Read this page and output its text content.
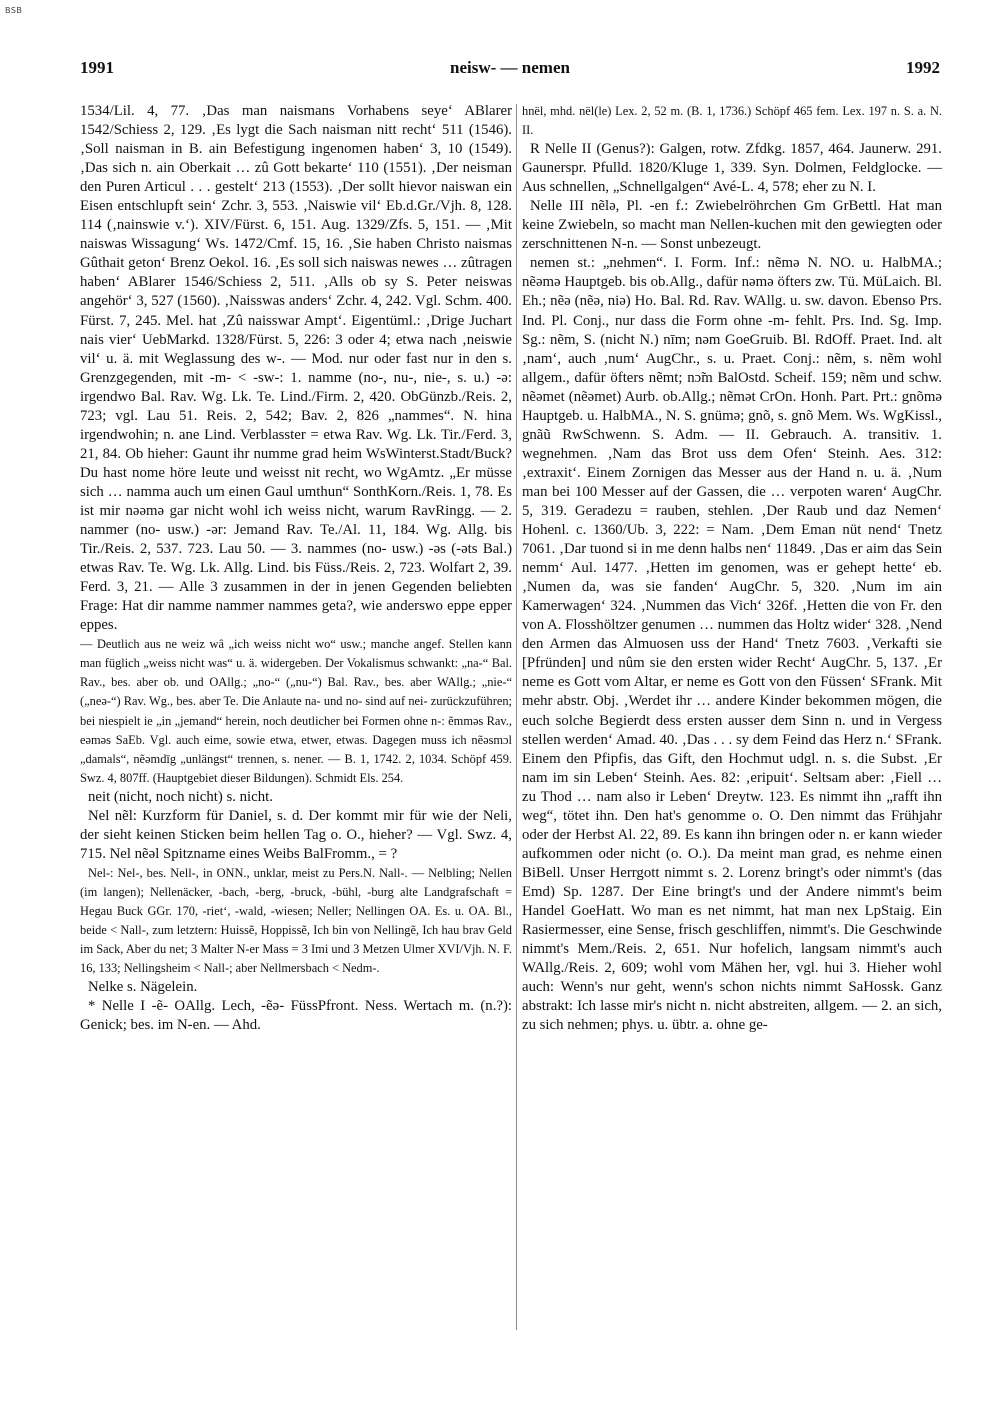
BSB
1991	neisw- — nemen	1992

1534/Lil. 4, 77. ‚Das man naismans Vorhabens seye‘ ABlarer 1542/Schiess 2, 129. ‚Es lygt die Sach naisman nitt recht‘ 511 (1546). ‚Soll naisman in B. ain Befestigung ingenomen haben‘ 3, 10 (1549). ‚Das sich n. ain Oberkait … zû Gott bekarte‘ 110 (1551). ‚Der neisman den Puren Articul . . . gestelt‘ 213 (1553). ‚Der sollt hievor naiswan ein Eisen entschlupft sein‘ Zchr. 3, 553. ‚Naiswie vil‘ Eb.d.Gr./Vjh. 8, 128. 114 (‚nainswie v.‘). XIV/Fürst. 6, 151. Aug. 1329/Zfs. 5, 151. — ‚Mit naiswas Wissagung‘ Ws. 1472/Cmf. 15, 16. ‚Sie haben Christo naismas Gûthait geton‘ Brenz Oekol. 16. ‚Es soll sich naiswas newes … zûtragen haben‘ ABlarer 1546/Schiess 2, 511. ‚Alls ob sy S. Peter neiswas angehör‘ 3, 527 (1560). ‚Naisswas anders‘ Zchr. 4, 242. Vgl. Schm. 400. Fürst. 7, 245. Mel. hat ‚Zû naisswar Ampt‘. Eigentüml.: ‚Drige Juchart nais vier‘ UebMarkd. 1328/Fürst. 5, 226: 3 oder 4; etwa nach ‚neiswie vil‘ u. ä. mit Weglassung des w-. — Mod. nur oder fast nur in den s. Grenzgegenden, mit -m- < -sw-: 1. namme (no-, nu-, nie-, s. u.) -ə: irgendwo Bal. Rav. Wg. Lk. Te. Lind./Firm. 2, 420. ObGünzb./Reis. 2, 723; vgl. Lau 51. Reis. 2, 542; Bav. 2, 826 „nammes“. N. hina irgendwohin; n. ane Lind. Verblasster = etwa Rav. Wg. Lk. Tir./Ferd. 3, 21, 84. Ob hieher: Gaunt ihr numme grad heim WsWinterst.Stadt/Buck? Du hast nome höre leute und weisst nit recht, wo WgAmtz. „Er müsse sich … namma auch um einen Gaul umthun“ SonthKorn./Reis. 1, 78. Es ist mir nəəmə gar nicht wohl ich weiss nicht, warum RavRingg. — 2. nammer (no- usw.) -ər: Jemand Rav. Te./Al. 11, 184. Wg. Allg. bis Tir./Reis. 2, 537. 723. Lau 50. — 3. nammes (no- usw.) -əs (-əts Bal.) etwas Rav. Te. Wg. Lk. Allg. Lind. bis Füss./Reis. 2, 723. Wolfart 2, 39. Ferd. 3, 21. — Alle 3 zusammen in der in jenen Gegenden beliebten Frage: Hat dir namme nammer nammes geta?, wie anderswo eppe epper eppes.

— Deutlich aus ne weiz wâ „ich weiss nicht wo“ usw.; manche angef. Stellen kann man füglich „weiss nicht was“ u. ä. widergeben. Der Vokalismus schwankt: „na-“ Bal. Rav., bes. aber ob. und OAllg.; „no-“ („nu-“) Bal. Rav., bes. aber WAllg.; „nie-“ („neə-“) Rav. Wg., bes. aber Te. Die Anlaute na- und no- sind auf nei- zurückzuführen; bei niespielt ie „in „jemand“ herein, noch deutlicher bei Formen ohne n-: ẽmməs Rav., eəməs SaEb. Vgl. auch eime, sowie etwa, etwer, etwas. Dagegen muss ich nẽəsmɔl „damals“, nẽəmdīg „unlängst“ trennen, s. nener. — B. 1, 1742. 2, 1034. Schöpf 459. Swz. 4, 807ff. (Hauptgebiet dieser Bildungen). Schmidt Els. 254.

neit (nicht, noch nicht) s. nicht.

Nel nẽl: Kurzform für Daniel, s. d. Der kommt mir für wie der Neli, der sieht keinen Sticken beim hellen Tag o. O., hieher? — Vgl. Swz. 4, 715. Nel nẽəl Spitzname eines Weibs BalFromm., = ?

Nel-: Nel-, bes. Nell-, in ONN., unklar, meist zu Pers.N. Nall-. — Nelbling; Nellen (im langen); Nellenäcker, -bach, -berg, -bruck, -bühl, -burg alte Landgrafschaft = Hegau Buck GGr. 170, -riet‘, -wald, -wiesen; Neller; Nellingen OA. Es. u. OA. Bl., beide < Nall-, zum letztern: Huissẽ, Hoppissẽ, Ich bin von Nellingẽ, Ich hau brav Geld im Sack, Aber du net; 3 Malter N-er Mass = 3 Imi und 3 Metzen Ulmer XVI/Vjh. N. F. 16, 133; Nellingsheim < Nall-; aber Nellmersbach < Nedm-.

Nelke s. Nägelein.

* Nelle I -ẽ- OAllg. Lech, -ẽə- FüssPfront. Ness. Wertach m. (n.?): Genick; bes. im N-en. — Ahd.

hnël, mhd. nël(le) Lex. 2, 52 m. (B. 1, 1736.) Schöpf 465 fem. Lex. 197 n. S. a. N. II.

R Nelle II (Genus?): Galgen, rotw. Zfdkg. 1857, 464. Jaunerw. 291. Gaunerspr. Pfulld. 1820/Kluge 1, 339. Syn. Dolmen, Feldglocke. — Aus schnellen, „Schnellgalgen“ Avé-L. 4, 578; eher zu N. I.

Nelle III nẽlə, Pl. -en f.: Zwiebelröhrchen Gm GrBettl. Hat man keine Zwiebeln, so macht man Nellen-kuchen mit den gewiegten oder zerschnittenen N-n. — Sonst unbezeugt.

nemen st.: „nehmen“. I. Form. Inf.: nẽmə N. NO. u. HalbMA.; nẽəmə Hauptgeb. bis ob.Allg., dafür nəmə öfters zw. Tü. MüLaich. Bl. Eh.; nẽə (nẽə, niə) Ho. Bal. Rd. Rav. WAllg. u. sw. davon. Ebenso Prs. Ind. Pl. Conj., nur dass die Form ohne -m- fehlt. Prs. Ind. Sg. Imp. Sg.: nẽm, S. (nicht N.) nīm; nəm GoeGruib. Bl. RdOff. Praet. Ind. alt ‚nam‘, auch ‚num‘ AugChr., s. u. Praet. Conj.: nẽm, s. nẽm wohl allgem., dafür öfters nẽmt; nɔ̃m BalOstd. Scheif. 159; nẽm und schw. nẽəmet (nẽəmet) Aurb. ob.Allg.; nẽmət CrOn. Honh. Part. Prt.: gnõmə Hauptgeb. u. HalbMA., N. S. gnümə; gnõ, s. gnõ Mem. Ws. WgKissl., gnãũ RwSchwenn. S. Adm. — II. Gebrauch. A. transitiv. 1. wegnehmen. ‚Nam das Brot uss dem Ofen‘ Steinh. Aes. 312: ‚extraxit‘. Einem Zornigen das Messer aus der Hand n. u. ä. ‚Num man bei 100 Messer auf der Gassen, die … verpoten waren‘ AugChr. 5, 319. Geradezu = rauben, stehlen. ‚Der Raub und daz Nemen‘ Hohenl. c. 1360/Ub. 3, 222: = Nam. ‚Dem Eman nüt nend‘ Tnetz 7061. ‚Dar tuond si in me denn halbs nen‘ 11849. ‚Das er aim das Sein nemm‘ Aul. 1477. ‚Hetten im genomen, was er gehept hette‘ eb. ‚Numen da, was sie fanden‘ AugChr. 5, 320. ‚Num im ain Kamerwagen‘ 324. ‚Nummen das Vich‘ 326f. ‚Hetten die von Fr. den von A. Flosshöltzer genumen … nummen das Holtz wider‘ 328. ‚Nend den Armen das Almuosen uss der Hand‘ Tnetz 7603. ‚Verkafti sie [Pfründen] und nûm sie den ersten wider Recht‘ AugChr. 5, 137. ‚Er neme es Gott vom Altar, er neme es Gott von den Füssen‘ SFrank. Mit mehr abstr. Obj. ‚Werdet ihr … andere Kinder bekommen mögen, die euch solche Begierdt dess ersten ausser dem Sinn n. und in Vergess stellen werden‘ Amad. 40. ‚Das . . . sy dem Feind das Herz n.‘ SFrank. Einem den Pfipfis, das Gift, den Hochmut udgl. n. s. die Subst. ‚Er nam im sin Leben‘ Steinh. Aes. 82: ‚eripuit‘. Seltsam aber: ‚Fiell … zu Thod … nam also ir Leben‘ Dreytw. 123. Es nimmt ihn „rafft ihn weg“, tötet ihn. Den hat's genomme o. O. Den nimmt das Frühjahr oder der Herbst Al. 22, 89. Es kann ihn bringen oder n. er kann wieder aufkommen oder nicht (o. O.). Da meint man grad, es nehme einen BiBell. Unser Herrgott nimmt s. 2. Lorenz bringt's oder nimmt's (das Emd) Sp. 1287. Der Eine bringt's und der Andere nimmt's beim Handel GoeHatt. Wo man es net nimmt, hat man nex LpStaig. Ein Rasiermesser, eine Sense, frisch geschliffen, nimmt's. Die Geschwinde nimmt's Mem./Reis. 2, 651. Nur hofelich, langsam nimmt's auch WAllg./Reis. 2, 609; wohl vom Mähen her, vgl. hui 3. Hieher wohl auch: Wenn's nur geht, wenn's schon nichts nimmt SaHossk. Ganz abstrakt: Ich lasse mir's nicht n. nicht abstreiten, allgem. — 2. an sich, zu sich nehmen; phys. u. übtr. a. ohne ge-
